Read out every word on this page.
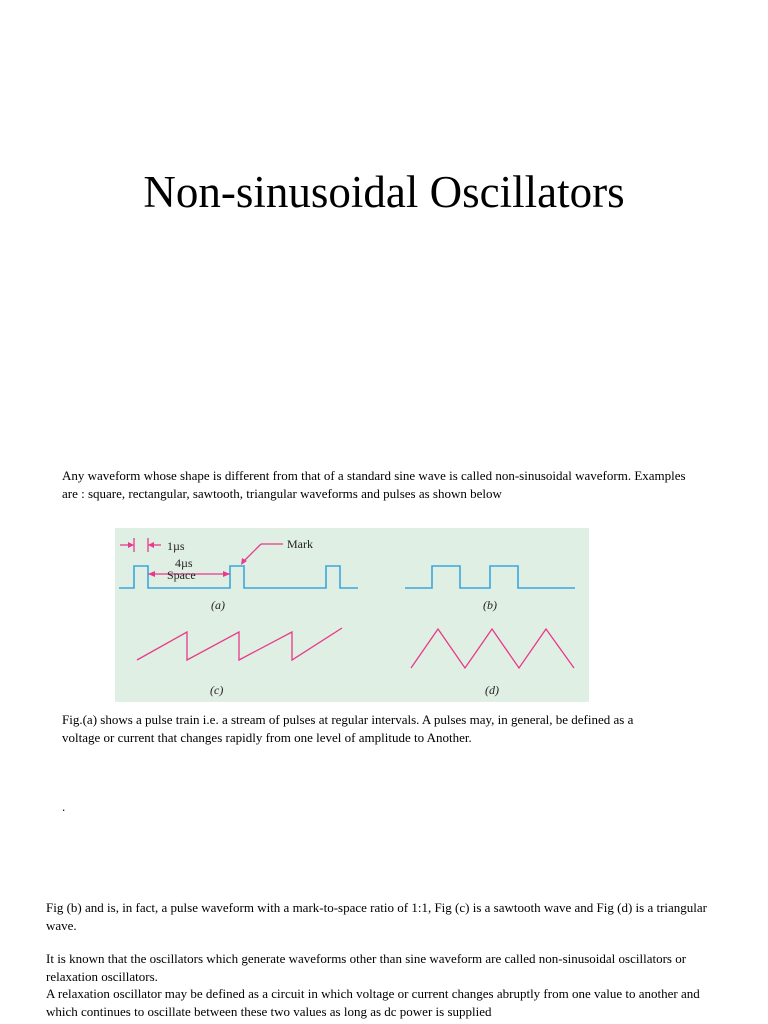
Non-sinusoidal Oscillators

Any waveform whose shape is different from that of a standard sine wave is called non-sinusoidal waveform. Examples are : square, rectangular, sawtooth, triangular waveforms and pulses as shown below

1µs
4µs
Space
Mark
(a)	(b)
(c)	(d)

Fig.(a) shows a pulse train i.e. a stream of pulses at regular intervals. A pulses may, in general, be defined as a voltage or current that changes rapidly from one level of amplitude to Another.

.

Fig (b) and is, in fact, a pulse waveform with a mark-to-space ratio of 1:1, Fig (c) is a sawtooth wave and Fig (d) is a triangular wave.

It is known that the oscillators which generate waveforms other than sine waveform are called non-sinusoidal oscillators or relaxation oscillators.

A relaxation oscillator may be defined as a circuit in which voltage or current changes abruptly from one value to another and which continues to oscillate between these two values as long as dc power is supplied
